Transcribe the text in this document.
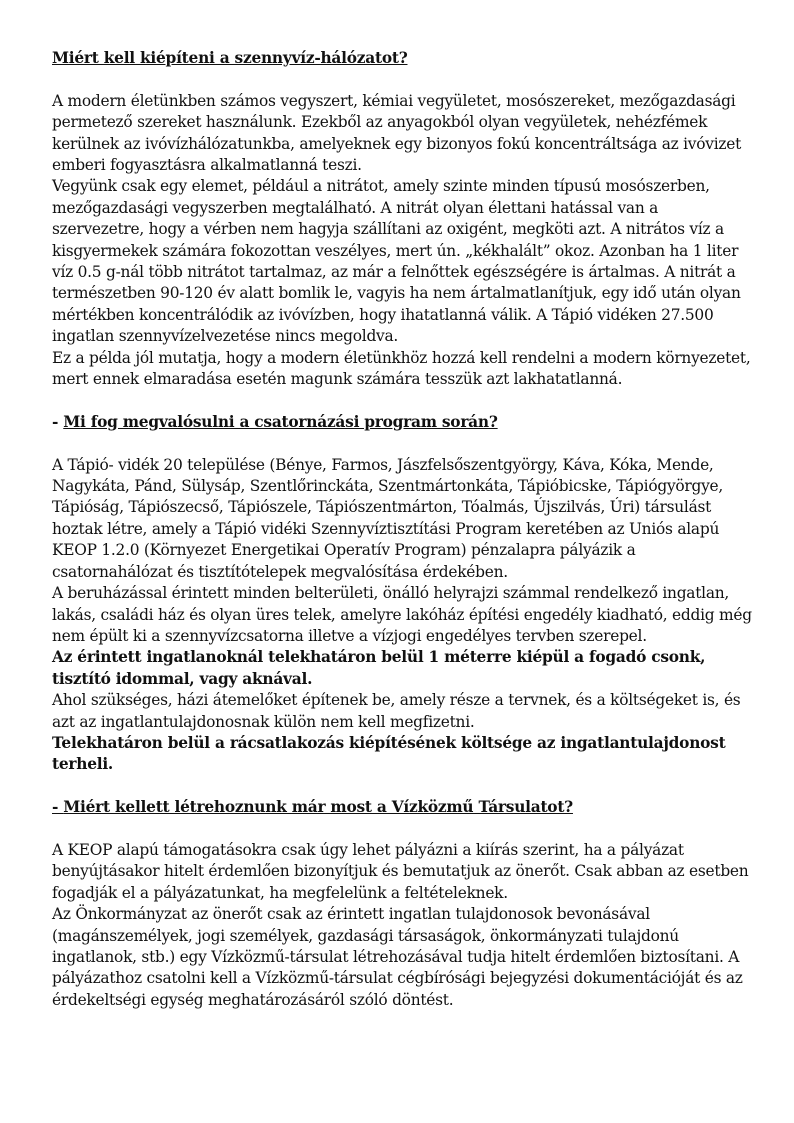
Miért kell kiépíteni a szennyvíz-hálózatot?

A modern életünkben számos vegyszert, kémiai vegyületet, mosószereket, mezőgazdasági permetező szereket használunk. Ezekből az anyagokból olyan vegyületek, nehézfémek kerülnek az ivóvízhálózatunkba, amelyeknek egy bizonyos fokú koncentráltsága az ivóvizet emberi fogyasztásra alkalmatlanná teszi.

Vegyünk csak egy elemet, például a nitrátot, amely szinte minden típusú mosószerben, mezőgazdasági vegyszerben megtalálható. A nitrát olyan élettani hatással van a szervezetre, hogy a vérben nem hagyja szállítani az oxigént, megköti azt. A nitrátos víz a kisgyermekek számára fokozottan veszélyes, mert ún. „kékhalált” okoz. Azonban ha 1 liter víz 0.5 g-nál több nitrátot tartalmaz, az már a felnőttek egészségére is ártalmas. A nitrát a természetben 90-120 év alatt bomlik le, vagyis ha nem ártalmatlanítjuk, egy idő után olyan mértékben koncentrálódik az ivóvízben, hogy ihatatlanná válik. A Tápió vidéken 27.500 ingatlan szennyvízelvezetése nincs megoldva.

Ez a példa jól mutatja, hogy a modern életünkhöz hozzá kell rendelni a modern környezetet, mert ennek elmaradása esetén magunk számára tesszük azt lakhatatlanná.

- Mi fog megvalósulni a csatornázási program során?

A Tápió- vidék 20 települése (Bénye, Farmos, Jászfelsőszentgyörgy, Káva, Kóka, Mende, Nagykáta, Pánd, Sülysáp, Szentlőrinckáta, Szentmártonkáta, Tápióbicske, Tápiógyörgye, Tápióság, Tápiószecső, Tápiószele, Tápiószentmárton, Tóalmás, Újszilvás, Úri) társulást hoztak létre, amely a Tápió vidéki Szennyvíztisztítási Program keretében az Uniós alapú KEOP 1.2.0 (Környezet Energetikai Operatív Program) pénzalapra pályázik a csatornahálózat és tisztítótelepek megvalósítása érdekében.

A beruházással érintett minden belterületi, önálló helyrajzi számmal rendelkező ingatlan, lakás, családi ház és olyan üres telek, amelyre lakóház építési engedély kiadható, eddig még nem épült ki a szennyvízcsatorna illetve a vízjogi engedélyes tervben szerepel.

Az érintett ingatlanoknál telekhatáron belül 1 méterre kiépül a fogadó csonk, tisztító idommal, vagy aknával.

Ahol szükséges, házi átemelőket építenek be, amely része a tervnek, és a költségeket is, és azt az ingatlantulajdonosnak külön nem kell megfizetni.

Telekhatáron belül a rácsatlakozás kiépítésének költsége az ingatlantulajdonost terheli.

- Miért kellett létrehoznunk már most a Vízközmű Társulatot?

A KEOP alapú támogatásokra csak úgy lehet pályázni a kiírás szerint, ha a pályázat benyújtásakor hitelt érdemlően bizonyítjuk és bemutatjuk az önerőt. Csak abban az esetben fogadják el a pályázatunkat, ha megfelelünk a feltételeknek.

Az Önkormányzat az önerőt csak az érintett ingatlan tulajdonosok bevonásával (magánszemélyek, jogi személyek, gazdasági társaságok, önkormányzati tulajdonú ingatlanok, stb.) egy Vízközmű-társulat létrehozásával tudja hitelt érdemlően biztosítani. A pályázathoz csatolni kell a Vízközmű-társulat cégbírósági bejegyzési dokumentációját és az érdekeltségi egység meghatározásáról szóló döntést.
